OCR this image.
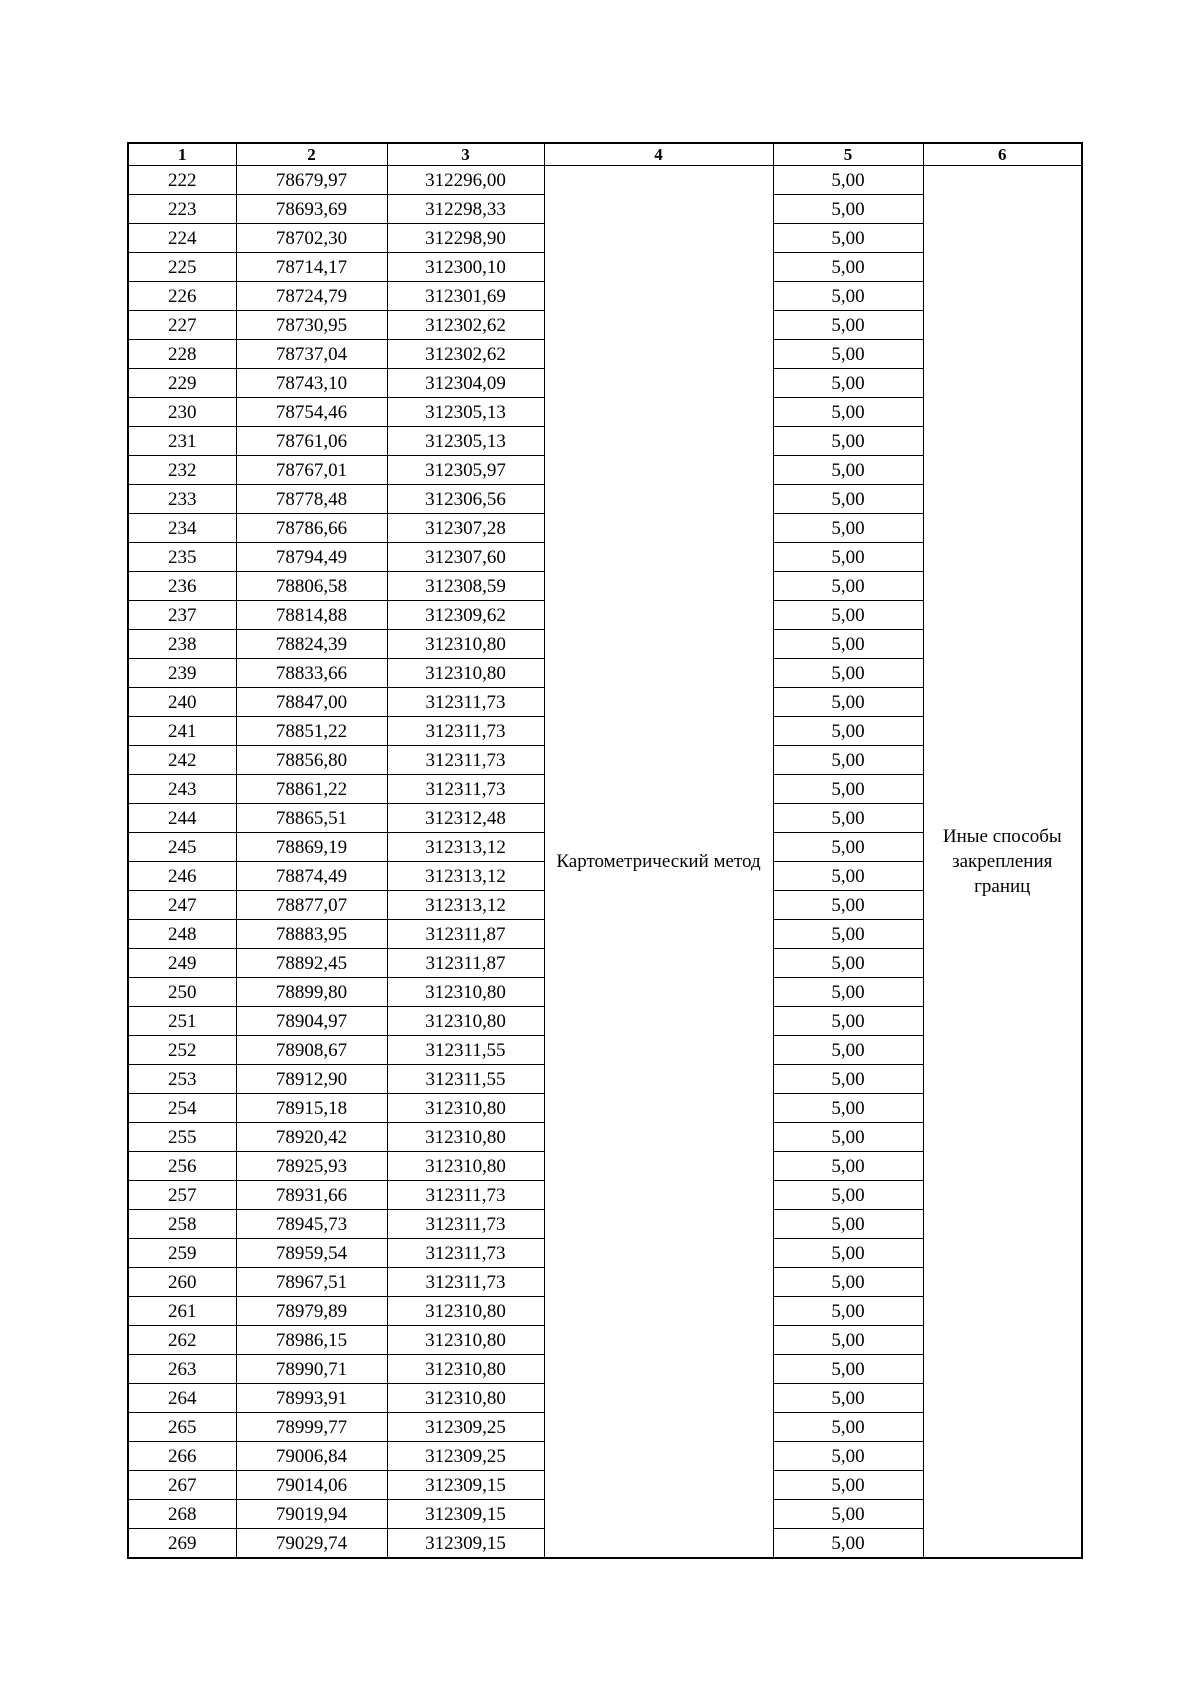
1	2	3	4	5	6
222	78679,97	312296,00	Картометрический метод	5,00	Иные способы закрепления границ
223	78693,69	312298,33		5,00	
224	78702,30	312298,90		5,00	
225	78714,17	312300,10		5,00	
226	78724,79	312301,69		5,00	
227	78730,95	312302,62		5,00	
228	78737,04	312302,62		5,00	
229	78743,10	312304,09		5,00	
230	78754,46	312305,13		5,00	
231	78761,06	312305,13		5,00	
232	78767,01	312305,97		5,00	
233	78778,48	312306,56		5,00	
234	78786,66	312307,28		5,00	
235	78794,49	312307,60		5,00	
236	78806,58	312308,59		5,00	
237	78814,88	312309,62		5,00	
238	78824,39	312310,80		5,00	
239	78833,66	312310,80		5,00	
240	78847,00	312311,73		5,00	
241	78851,22	312311,73		5,00	
242	78856,80	312311,73		5,00	
243	78861,22	312311,73		5,00	
244	78865,51	312312,48		5,00	
245	78869,19	312313,12		5,00	
246	78874,49	312313,12		5,00	
247	78877,07	312313,12		5,00	
248	78883,95	312311,87		5,00	
249	78892,45	312311,87		5,00	
250	78899,80	312310,80		5,00	
251	78904,97	312310,80		5,00	
252	78908,67	312311,55		5,00	
253	78912,90	312311,55		5,00	
254	78915,18	312310,80		5,00	
255	78920,42	312310,80		5,00	
256	78925,93	312310,80		5,00	
257	78931,66	312311,73		5,00	
258	78945,73	312311,73		5,00	
259	78959,54	312311,73		5,00	
260	78967,51	312311,73		5,00	
261	78979,89	312310,80		5,00	
262	78986,15	312310,80		5,00	
263	78990,71	312310,80		5,00	
264	78993,91	312310,80		5,00	
265	78999,77	312309,25		5,00	
266	79006,84	312309,25		5,00	
267	79014,06	312309,15		5,00	
268	79019,94	312309,15		5,00	
269	79029,74	312309,15		5,00	
